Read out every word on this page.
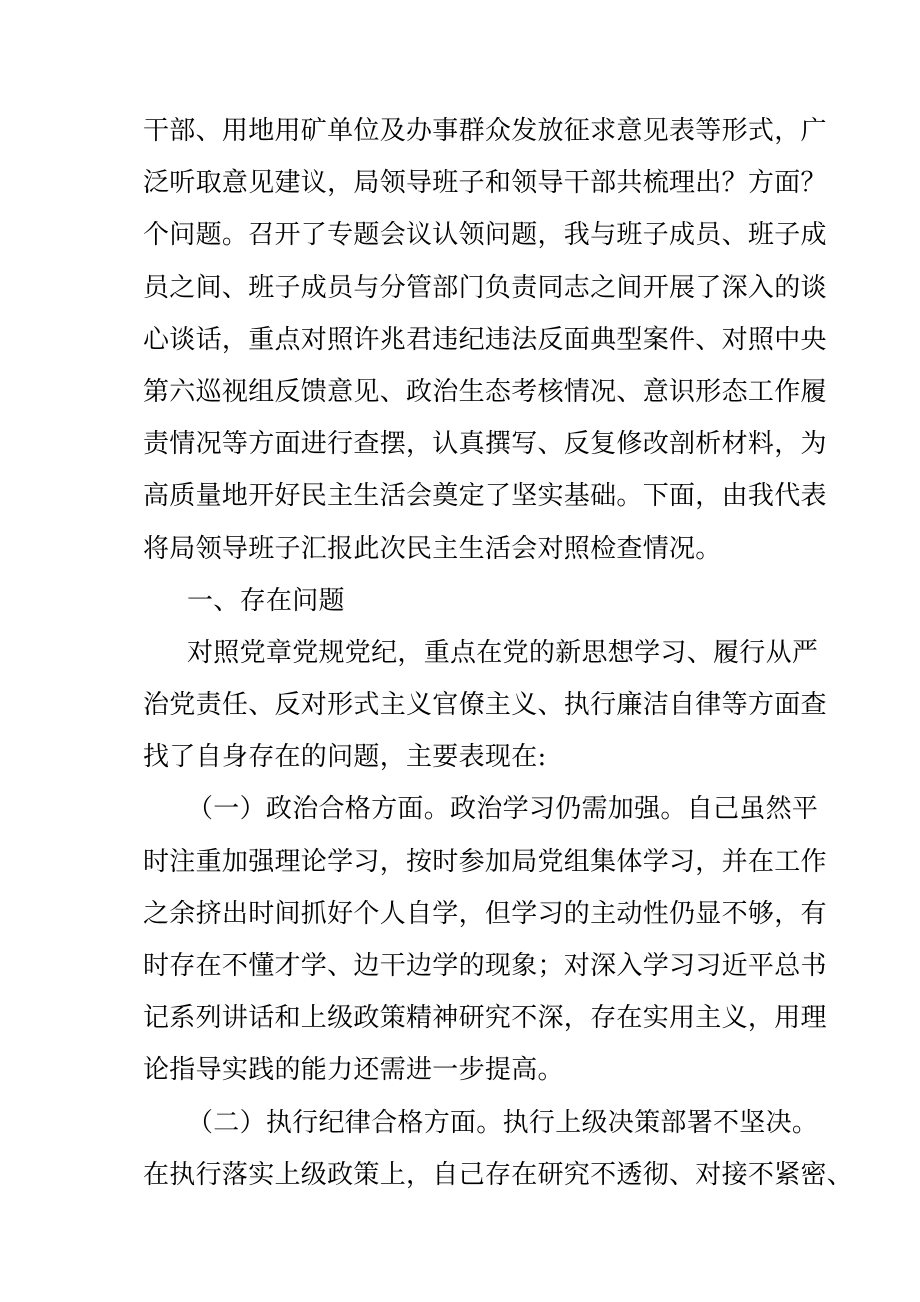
干部、用地用矿单位及办事群众发放征求意见表等形式，广
泛听取意见建议，局领导班子和领导干部共梳理出？方面？
个问题。召开了专题会议认领问题，我与班子成员、班子成
员之间、班子成员与分管部门负责同志之间开展了深入的谈
心谈话，重点对照许兆君违纪违法反面典型案件、对照中央
第六巡视组反馈意见、政治生态考核情况、意识形态工作履
责情况等方面进行查摆，认真撰写、反复修改剖析材料，为
高质量地开好民主生活会奠定了坚实基础。下面，由我代表
将局领导班子汇报此次民主生活会对照检查情况。
一、存在问题
对照党章党规党纪，重点在党的新思想学习、履行从严
治党责任、反对形式主义官僚主义、执行廉洁自律等方面查
找了自身存在的问题，主要表现在:
（一）政治合格方面。政治学习仍需加强。自己虽然平
时注重加强理论学习，按时参加局党组集体学习，并在工作
之余挤出时间抓好个人自学，但学习的主动性仍显不够，有
时存在不懂才学、边干边学的现象；对深入学习习近平总书
记系列讲话和上级政策精神研究不深，存在实用主义，用理
论指导实践的能力还需进一步提高。
（二）执行纪律合格方面。执行上级决策部署不坚决。
在执行落实上级政策上，自己存在研究不透彻、对接不紧密、
